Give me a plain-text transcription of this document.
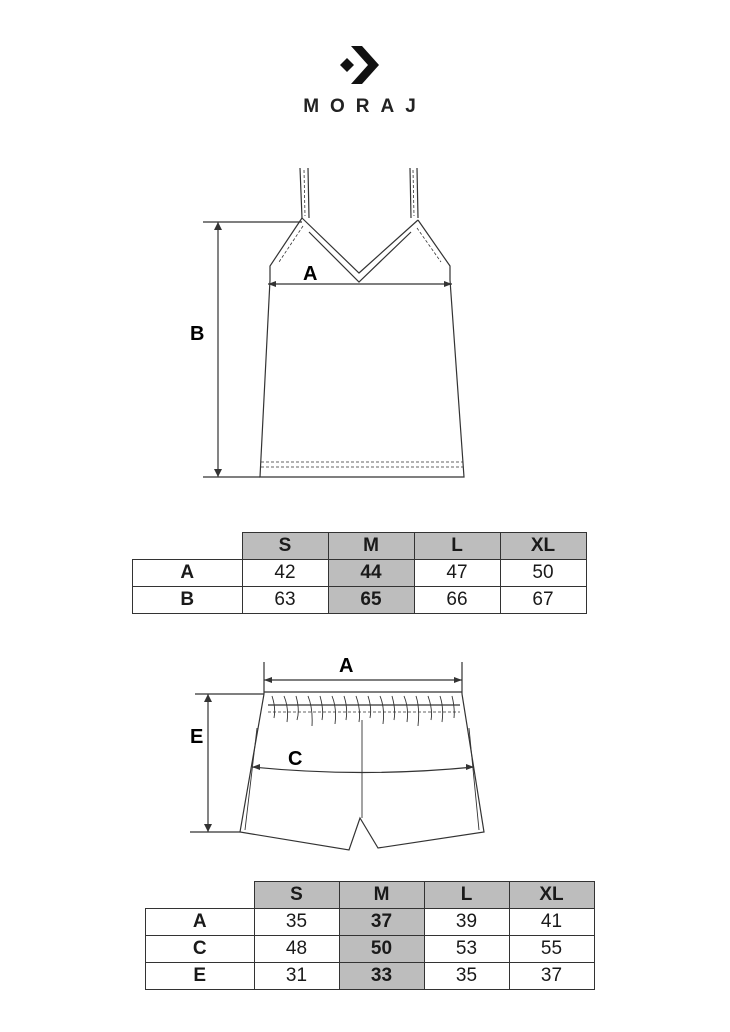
MORAJ
A
B
	S	M	L	XL
A	42	44	47	50
B	63	65	66	67
A
C
E
	S	M	L	XL
A	35	37	39	41
C	48	50	53	55
E	31	33	35	37
